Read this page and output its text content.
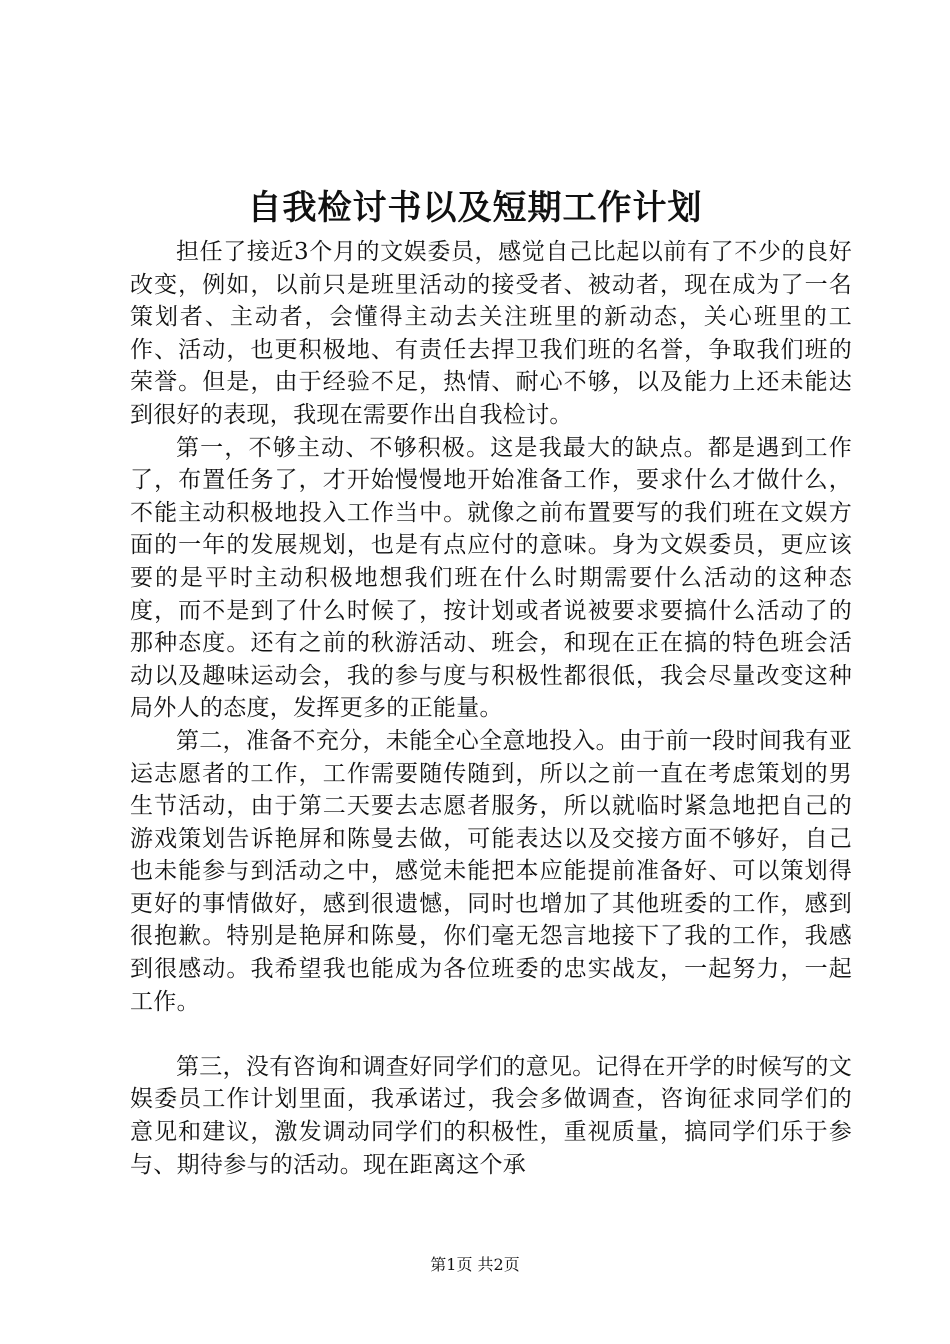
自我检讨书以及短期工作计划

担任了接近3个月的文娱委员，感觉自己比起以前有了不少的良好改变，例如，以前只是班里活动的接受者、被动者，现在成为了一名策划者、主动者，会懂得主动去关注班里的新动态，关心班里的工作、活动，也更积极地、有责任去捍卫我们班的名誉，争取我们班的荣誉。但是，由于经验不足，热情、耐心不够，以及能力上还未能达到很好的表现，我现在需要作出自我检讨。

第一，不够主动、不够积极。这是我最大的缺点。都是遇到工作了，布置任务了，才开始慢慢地开始准备工作，要求什么才做什么，不能主动积极地投入工作当中。就像之前布置要写的我们班在文娱方面的一年的发展规划，也是有点应付的意味。身为文娱委员，更应该要的是平时主动积极地想我们班在什么时期需要什么活动的这种态度，而不是到了什么时候了，按计划或者说被要求要搞什么活动了的那种态度。还有之前的秋游活动、班会，和现在正在搞的特色班会活动以及趣味运动会，我的参与度与积极性都很低，我会尽量改变这种局外人的态度，发挥更多的正能量。

第二，准备不充分，未能全心全意地投入。由于前一段时间我有亚运志愿者的工作，工作需要随传随到，所以之前一直在考虑策划的男生节活动，由于第二天要去志愿者服务，所以就临时紧急地把自己的游戏策划告诉艳屏和陈曼去做，可能表达以及交接方面不够好，自己也未能参与到活动之中，感觉未能把本应能提前准备好、可以策划得更好的事情做好，感到很遗憾，同时也增加了其他班委的工作，感到很抱歉。特别是艳屏和陈曼，你们毫无怨言地接下了我的工作，我感到很感动。我希望我也能成为各位班委的忠实战友，一起努力，一起工作。

第三，没有咨询和调查好同学们的意见。记得在开学的时候写的文娱委员工作计划里面，我承诺过，我会多做调查，咨询征求同学们的意见和建议，激发调动同学们的积极性，重视质量，搞同学们乐于参与、期待参与的活动。现在距离这个承

第1页 共2页
